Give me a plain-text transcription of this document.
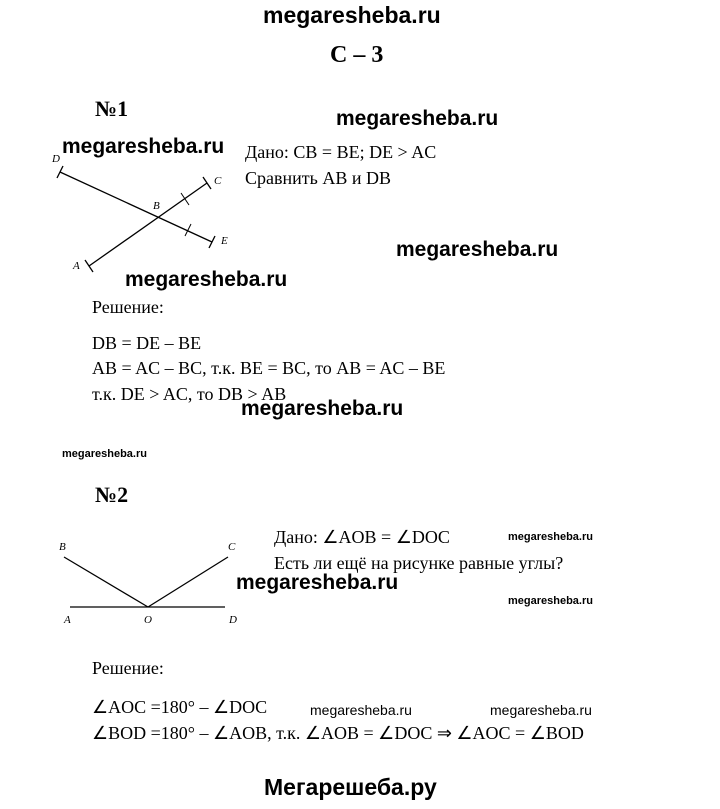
megaresheba.ru
С – 3
№1	megaresheba.ru
megaresheba.ru Дано: CB = BE; DE > AC
Сравнить AB и DB
D
C
B
E
A
megaresheba.ru
megaresheba.ru
Решение:
DB = DE – BE
AB = AC – BC, т.к. BE = BC, то AB = AC – BE
т.к. DE > AC, то DB > AB
megaresheba.ru
megaresheba.ru
№2
Дано: ∠AOB = ∠DOC	megaresheba.ru
Есть ли ещё на рисунке равные углы?
megaresheba.ru
megaresheba.ru
B	C
A	O	D
Решение:
∠AOC =180° – ∠DOC	megaresheba.ru	megaresheba.ru
∠BOD =180° – ∠AOB, т.к. ∠AOB = ∠DOC ⇒ ∠AOC = ∠BOD
Мегарешеба.ру
